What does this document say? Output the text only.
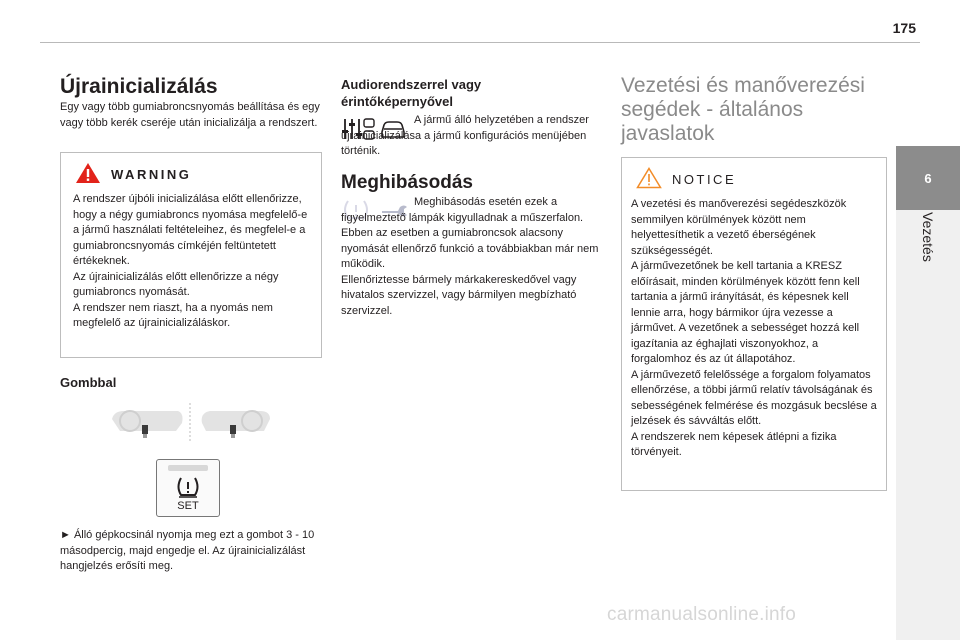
175
6
Vezetés
Újrainicializálás

Egy vagy több gumiabroncsnyomás beállítása és egy vagy több kerék cseréje után inicializálja a rendszert.

WARNING

A rendszer újbóli inicializálása előtt ellenőrizze, hogy a négy gumiabroncs nyomása megfelelő-e a jármű használati feltételeihez, és megfelel-e a gumiabroncsnyomás címkéjén feltüntetett értékeknek.
Az újrainicializálás előtt ellenőrizze a négy gumiabroncs nyomását.
A rendszer nem riaszt, ha a nyomás nem megfelelő az újrainicializáláskor.

Gombbal
SET

► Álló gépkocsinál nyomja meg ezt a gombot 3 - 10 másodpercig, majd engedje el. Az újrainicializálást hangjelzés erősíti meg.

Audiorendszerrel vagy érintőképernyővel

A jármű álló helyzetében a rendszer ujrainicializálása a jármű konfigurációs menüjében történik.

Meghibásodás

Meghibásodás esetén ezek a figyelmeztető lámpák kigyulladnak a műszerfalon.
Ebben az esetben a gumiabroncsok alacsony nyomását ellenőrző funkció a továbbiakban már nem működik.
Ellenőriztesse bármely márkakereskedővel vagy hivatalos szervizzel, vagy bármilyen megbízható szervizzel.

Vezetési és manőverezési segédek - általános javaslatok
NOTICE

A vezetési és manőverezési segédeszközök semmilyen körülmények között nem helyettesíthetik a vezető éberségének szükségességét.
A járművezetőnek be kell tartania a KRESZ előírásait, minden körülmények között fenn kell tartania a jármű irányítását, és képesnek kell lennie arra, hogy bármikor újra vezesse a járművet. A vezetőnek a sebességet hozzá kell igazítania az éghajlati viszonyokhoz, a forgalomhoz és az út állapotához.
A járművezető felelőssége a forgalom folyamatos ellenőrzése, a többi jármű relatív távolságának és sebességének felmérése és mozgásuk becslése a jelzések és sávváltás előtt.
A rendszerek nem képesek átlépni a fizika törvényeit.

carmanualsonline.info
